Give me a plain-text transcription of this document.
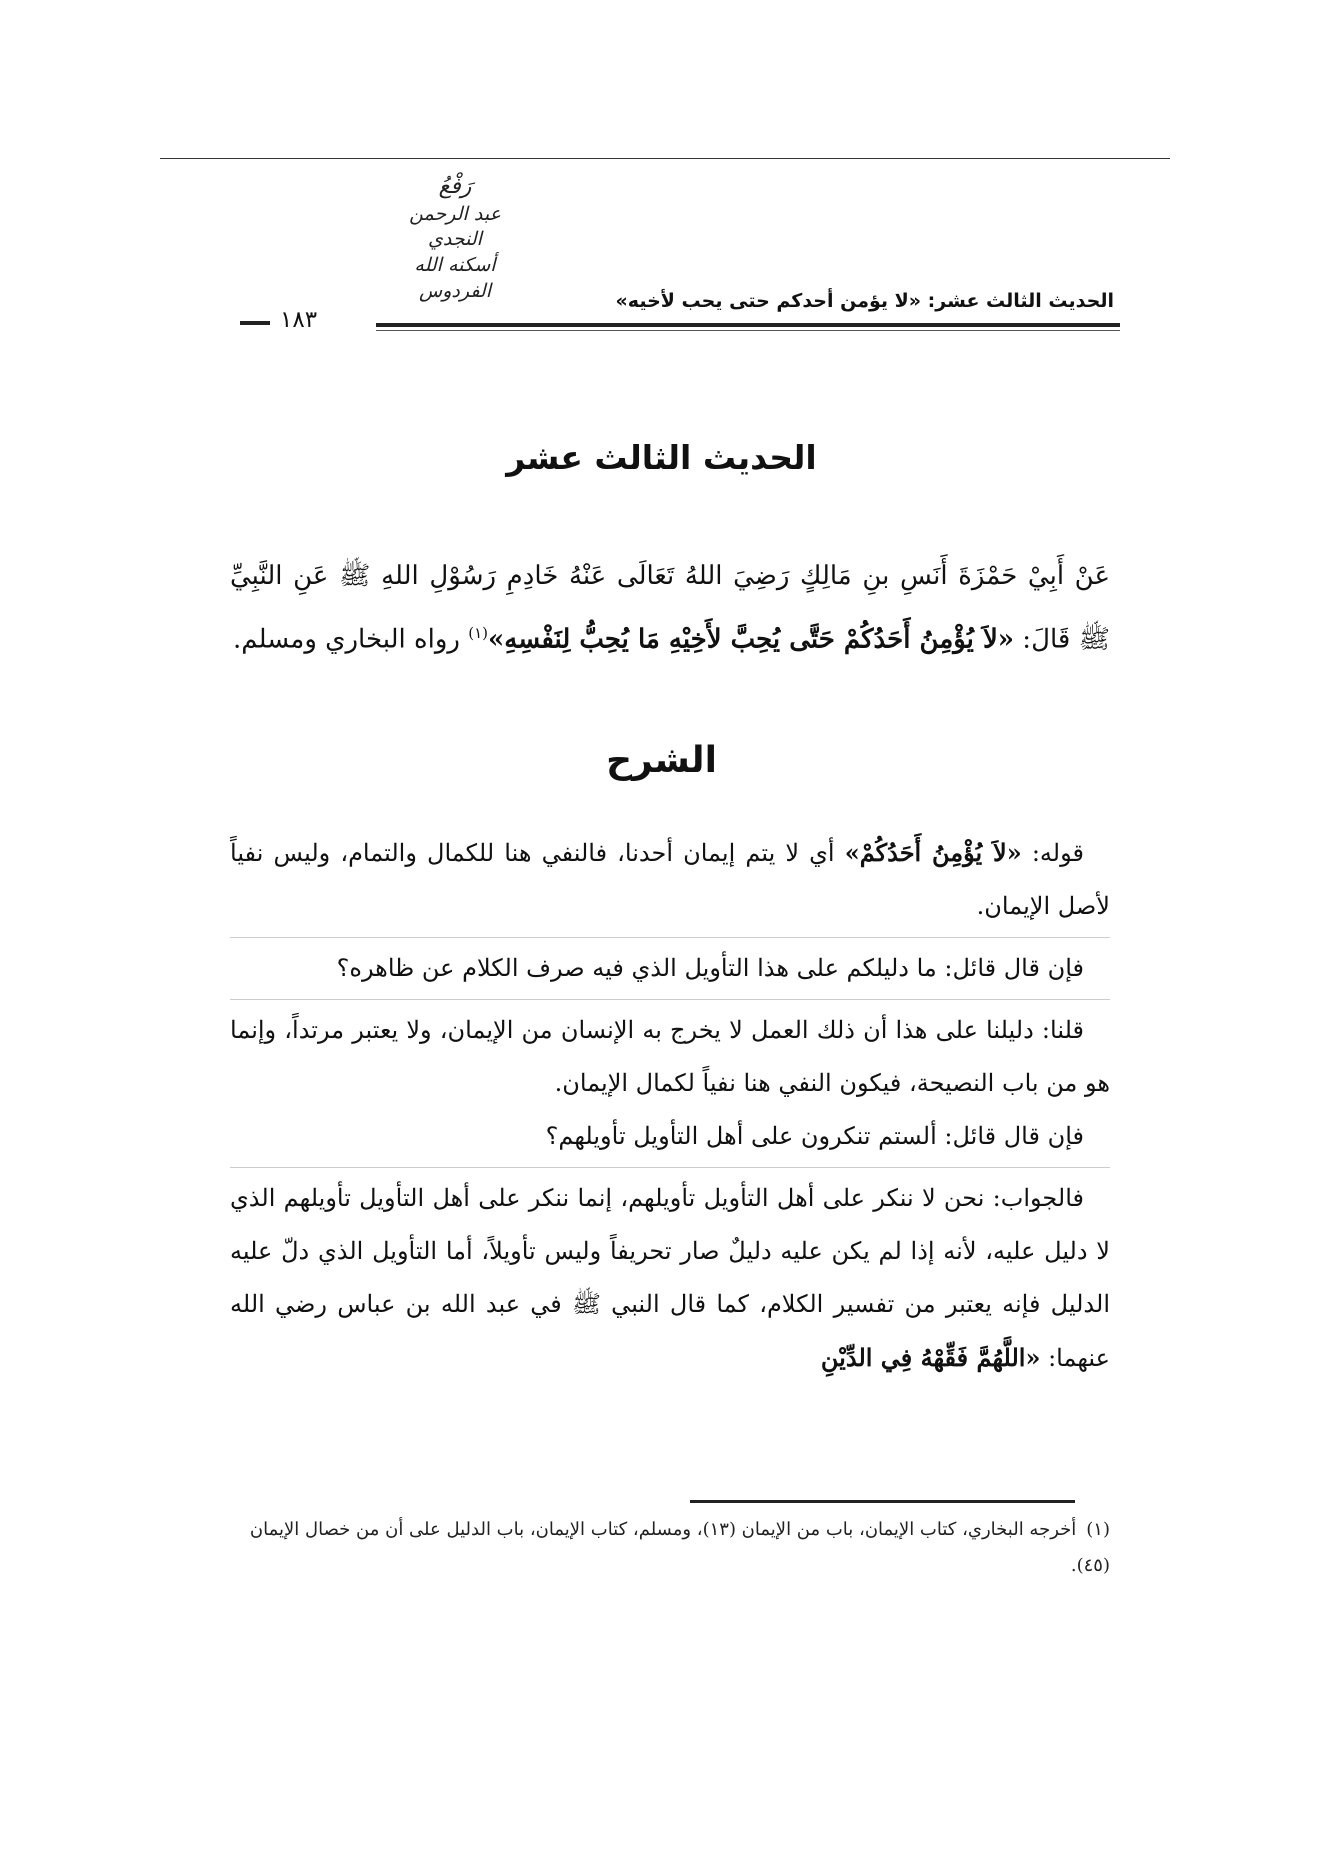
رَفْعُ
عبد الرحمن النجدي
أسكنه الله الفردوس	الحديث الثالث عشر: «لا يؤمن أحدكم حتى يحب لأخيه»
١٨٣
الحديث الثالث عشر
عَنْ أَبِيْ حَمْزَةَ أَنَسِ بنِ مَالِكٍ رَضِيَ اللهُ تَعَالَى عَنْهُ خَادِمِ رَسُوْلِ اللهِ ﷺ عَنِ النَّبِيِّ ﷺ قَالَ: «لاَ يُؤْمِنُ أَحَدُكُمْ حَتَّى يُحِبَّ لأَخِيْهِ مَا يُحِبُّ لِنَفْسِهِ»$^{(١)}$ رواه البخاري ومسلم.
الشرح

قوله: «لاَ يُؤْمِنُ أَحَدُكُمْ» أي لا يتم إيمان أحدنا، فالنفي هنا للكمال والتمام، وليس نفياً لأصل الإيمان.

فإن قال قائل: ما دليلكم على هذا التأويل الذي فيه صرف الكلام عن ظاهره؟

قلنا: دليلنا على هذا أن ذلك العمل لا يخرج به الإنسان من الإيمان، ولا يعتبر مرتداً، وإنما هو من باب النصيحة، فيكون النفي هنا نفياً لكمال الإيمان.

فإن قال قائل: ألستم تنكرون على أهل التأويل تأويلهم؟

فالجواب: نحن لا ننكر على أهل التأويل تأويلهم، إنما ننكر على أهل التأويل تأويلهم الذي لا دليل عليه، لأنه إذا لم يكن عليه دليلٌ صار تحريفاً وليس تأويلاً، أما التأويل الذي دلّ عليه الدليل فإنه يعتبر من تفسير الكلام، كما قال النبي ﷺ في عبد الله بن عباس رضي الله عنهما: «اللَّهُمَّ فَقِّهْهُ فِي الدِّيْنِ

(١)أخرجه البخاري، كتاب الإيمان، باب من الإيمان (١٣)، ومسلم، كتاب الإيمان، باب الدليل على أن من خصال الإيمان (٤٥).
